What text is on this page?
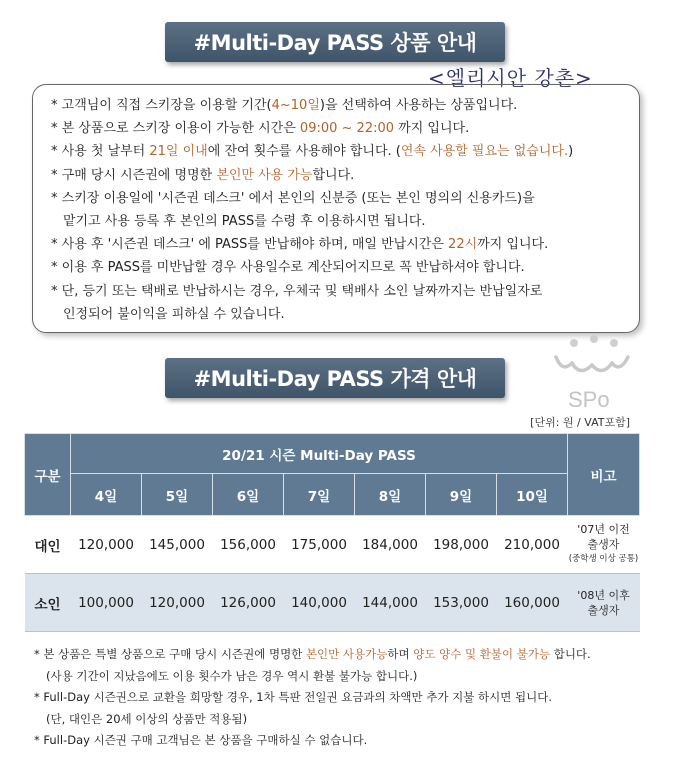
#Multi-Day PASS 상품 안내
<엘리시안 강촌>
* 고객님이 직접 스키장을 이용할 기간(4~10일)을 선택하여 사용하는 상품입니다.
* 본 상품으로 스키장 이용이 가능한 시간은 09:00 ~ 22:00 까지 입니다.
* 사용 첫 날부터 21일 이내에 잔여 횟수를 사용해야 합니다. (연속 사용할 필요는 없습니다.)
* 구매 당시 시즌권에 명명한 본인만 사용 가능합니다.
* 스키장 이용일에 '시즌권 데스크' 에서 본인의 신분증 (또는 본인 명의의 신용카드)을
맡기고 사용 등록 후 본인의 PASS를 수령 후 이용하시면 됩니다.
* 사용 후 '시즌권 데스크' 에 PASS를 반납해야 하며, 매일 반납시간은 22시까지 입니다.
* 이용 후 PASS를 미반납할 경우 사용일수로 계산되어지므로 꼭 반납하셔야 합니다.
* 단, 등기 또는 택배로 반납하시는 경우, 우체국 및 택배사 소인 날짜까지는 반납일자로
인정되어 불이익을 피하실 수 있습니다.
SPo
#Multi-Day PASS 가격 안내
[단위: 원 / VAT포함]
구분	20/21 시즌 Multi-Day PASS							비고
	4일	5일	6일	7일	8일	9일	10일	
대인	120,000	145,000	156,000	175,000	184,000	198,000	210,000	'07년 이전
출생자
(중학생 이상 공통)

소인	100,000	120,000	126,000	140,000	144,000	153,000	160,000	'08년 이후
출생자
* 본 상품은 특별 상품으로 구매 당시 시즌권에 명명한 본인만 사용가능하며 양도 양수 및 환불이 불가능 합니다.
(사용 기간이 지났음에도 이용 횟수가 남은 경우 역시 환불 불가능 합니다.)
* Full-Day 시즌권으로 교환을 희망할 경우, 1차 특판 전일권 요금과의 차액만 추가 지불 하시면 됩니다.
(단, 대인은 20세 이상의 상품만 적용됨)
* Full-Day 시즌권 구매 고객님은 본 상품을 구매하실 수 없습니다.
